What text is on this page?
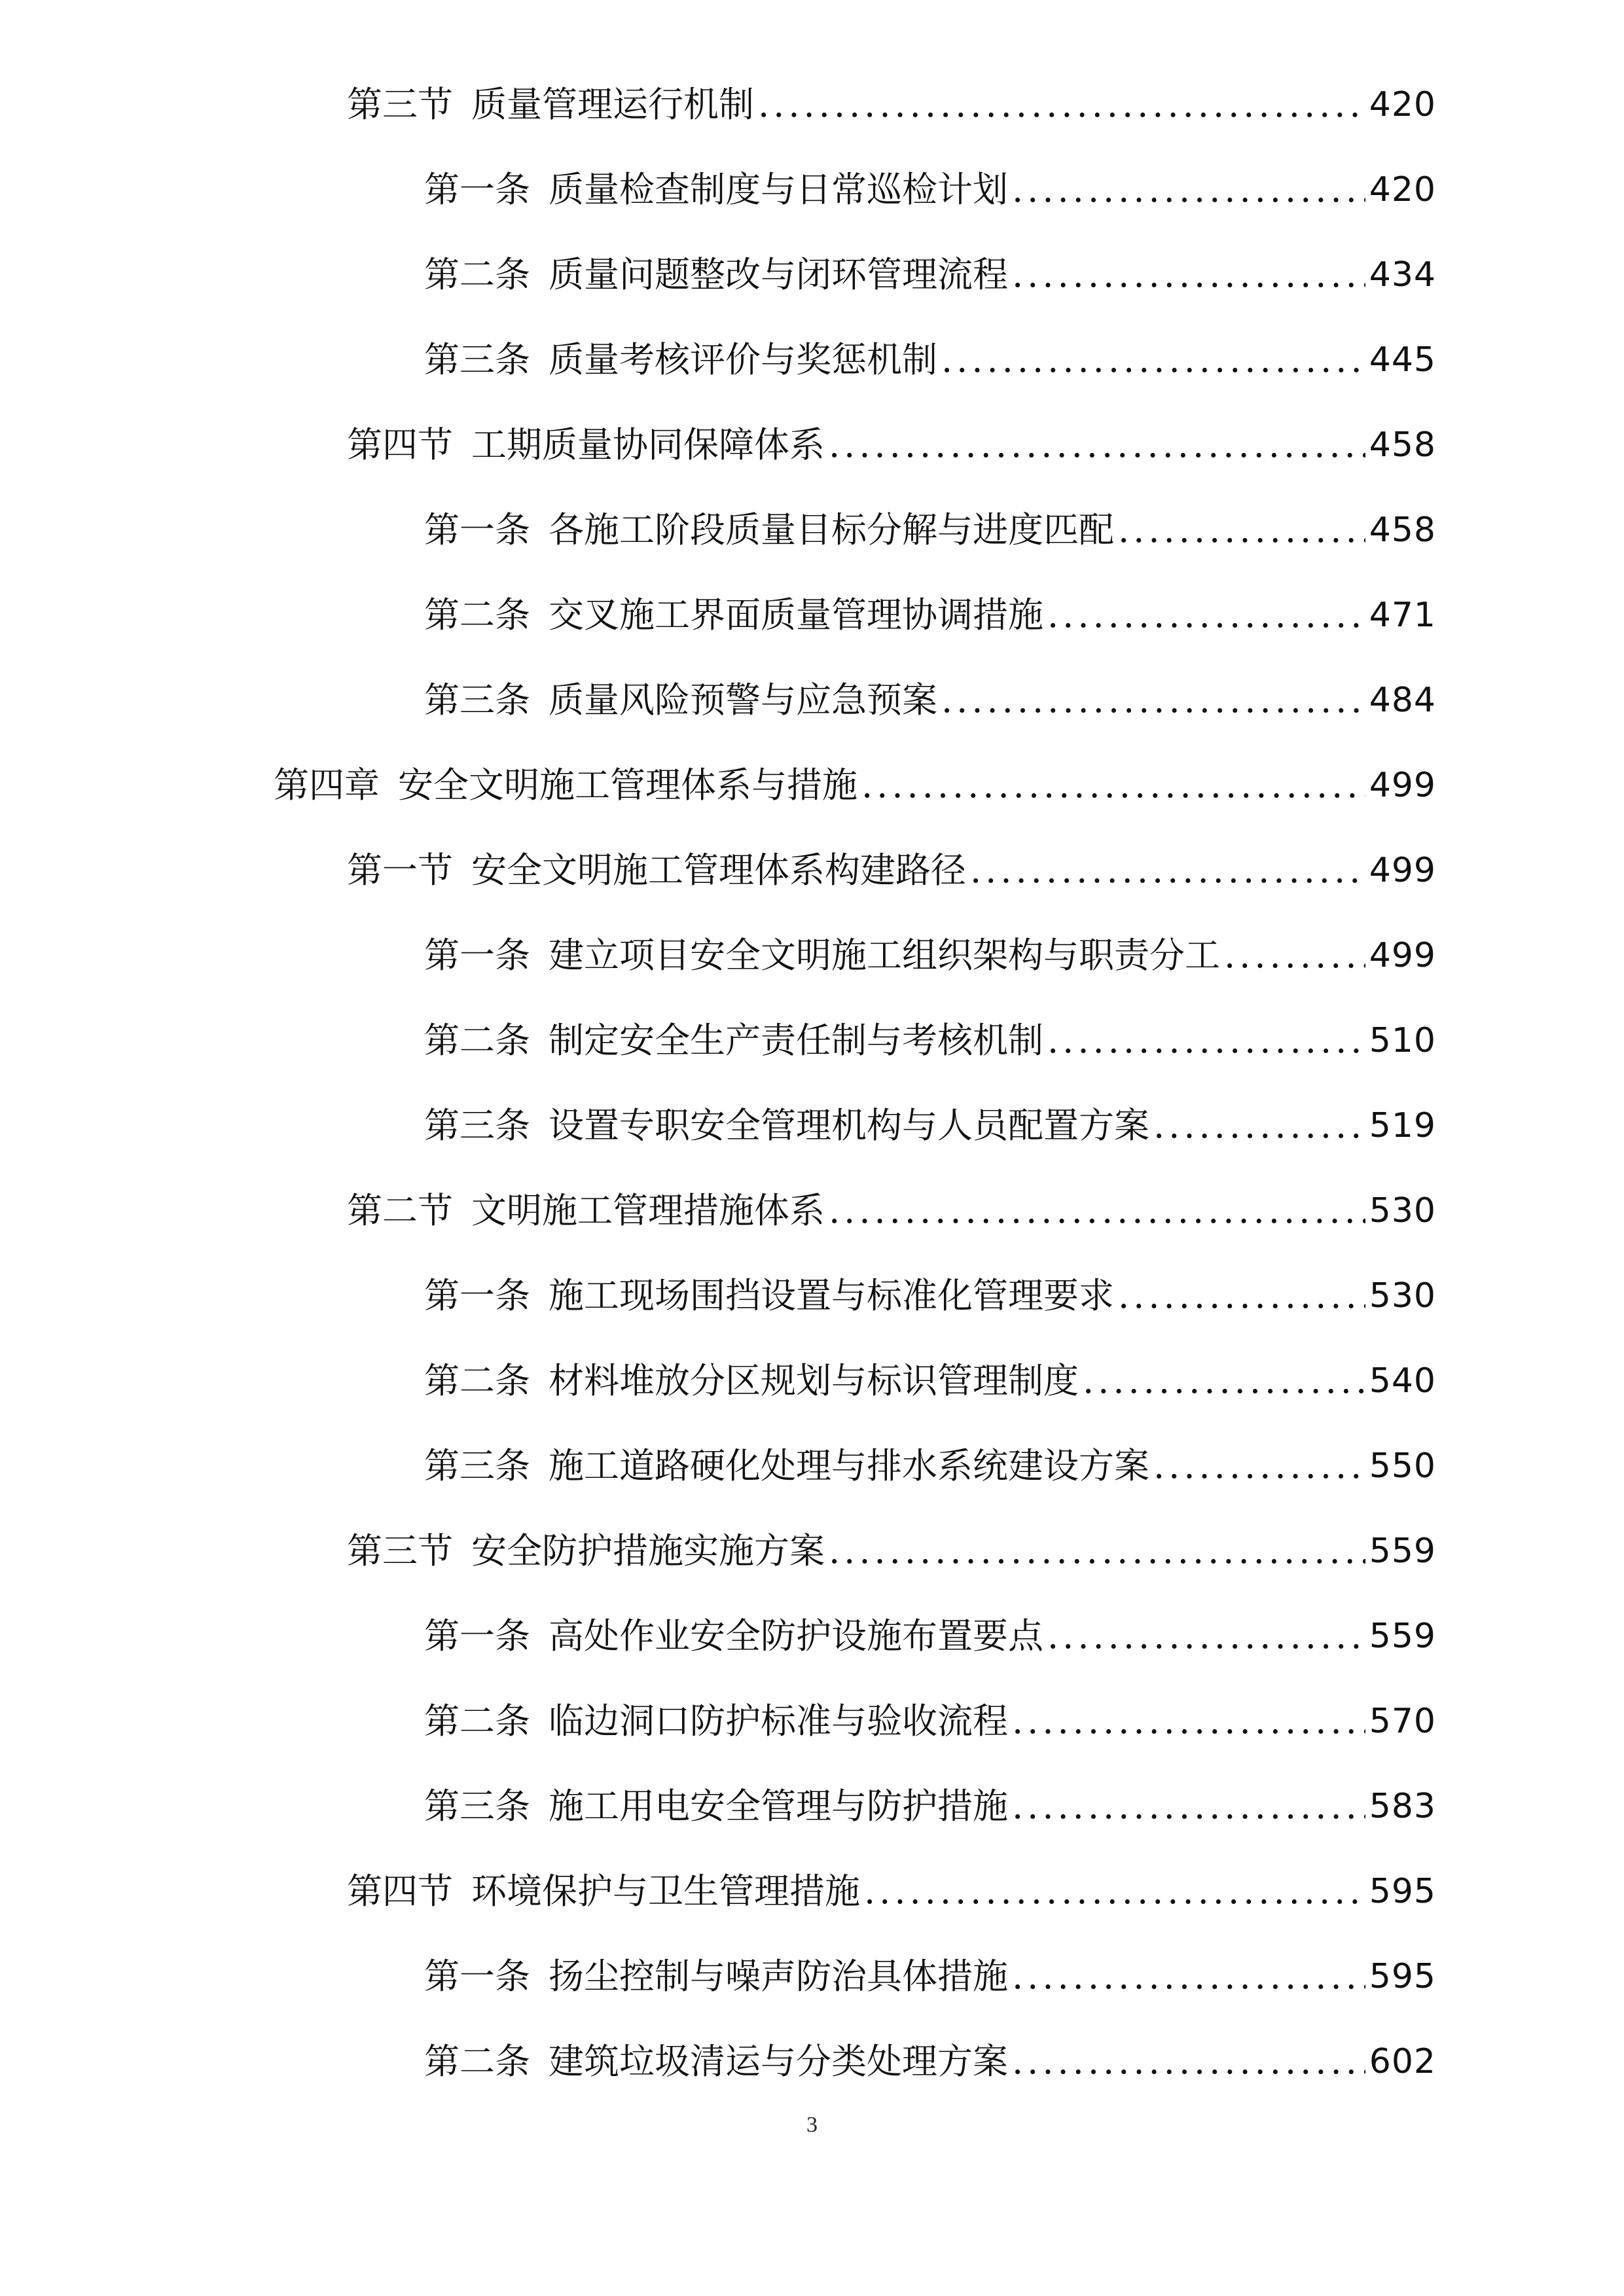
第三节 质量管理运行机制 .....	420
第一条 质量检查制度与日常巡检计划 .....	420
第二条 质量问题整改与闭环管理流程 .....	434
第三条 质量考核评价与奖惩机制 .....	445
第四节 工期质量协同保障体系 .....	458
第一条 各施工阶段质量目标分解与进度匹配 .....	458
第二条 交叉施工界面质量管理协调措施 .....	471
第三条 质量风险预警与应急预案 .....	484
第四章 安全文明施工管理体系与措施 .....	499
第一节 安全文明施工管理体系构建路径 .....	499
第一条 建立项目安全文明施工组织架构与职责分工 .....	499
第二条 制定安全生产责任制与考核机制 .....	510
第三条 设置专职安全管理机构与人员配置方案 .....	519
第二节 文明施工管理措施体系 .....	530
第一条 施工现场围挡设置与标准化管理要求 .....	530
第二条 材料堆放分区规划与标识管理制度 .....	540
第三条 施工道路硬化处理与排水系统建设方案 .....	550
第三节 安全防护措施实施方案 .....	559
第一条 高处作业安全防护设施布置要点 .....	559
第二条 临边洞口防护标准与验收流程 .....	570
第三条 施工用电安全管理与防护措施 .....	583
第四节 环境保护与卫生管理措施 .....	595
第一条 扬尘控制与噪声防治具体措施 .....	595
第二条 建筑垃圾清运与分类处理方案 .....	602
3
